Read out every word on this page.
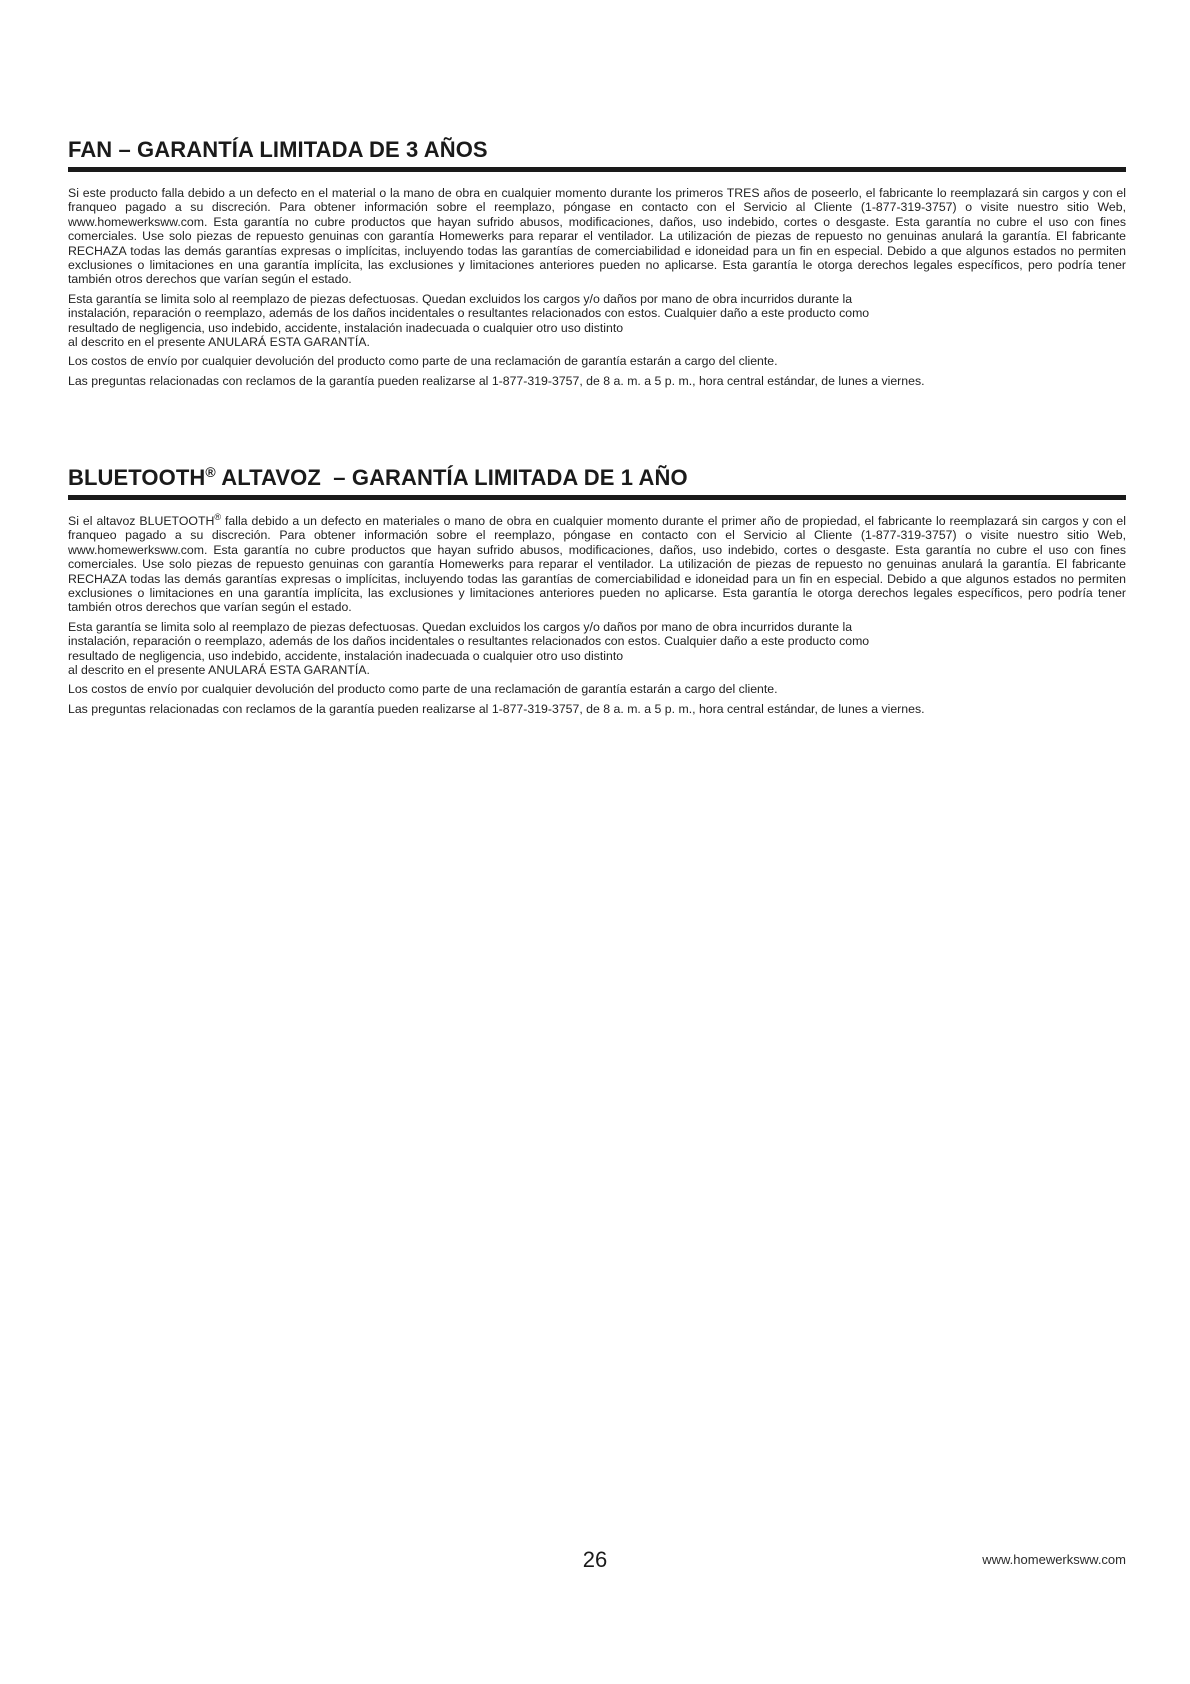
FAN – GARANTÍA LIMITADA DE 3 AÑOS

Si este producto falla debido a un defecto en el material o la mano de obra en cualquier momento durante los primeros TRES años de poseerlo, el fabricante lo reemplazará sin cargos y con el franqueo pagado a su discreción. Para obtener información sobre el reemplazo, póngase en contacto con el Servicio al Cliente (1-877-319-3757) o visite nuestro sitio Web, www.homewerksww.com. Esta garantía no cubre productos que hayan sufrido abusos, modificaciones, daños, uso indebido, cortes o desgaste. Esta garantía no cubre el uso con fines comerciales. Use solo piezas de repuesto genuinas con garantía Homewerks para reparar el ventilador. La utilización de piezas de repuesto no genuinas anulará la garantía. El fabricante RECHAZA todas las demás garantías expresas o implícitas, incluyendo todas las garantías de comerciabilidad e idoneidad para un fin en especial. Debido a que algunos estados no permiten exclusiones o limitaciones en una garantía implícita, las exclusiones y limitaciones anteriores pueden no aplicarse. Esta garantía le otorga derechos legales específicos, pero podría tener también otros derechos que varían según el estado.

Esta garantía se limita solo al reemplazo de piezas defectuosas. Quedan excluidos los cargos y/o daños por mano de obra incurridos durante la
instalación, reparación o reemplazo, además de los daños incidentales o resultantes relacionados con estos. Cualquier daño a este producto como
resultado de negligencia, uso indebido, accidente, instalación inadecuada o cualquier otro uso distinto
al descrito en el presente ANULARÁ ESTA GARANTÍA.

Los costos de envío por cualquier devolución del producto como parte de una reclamación de garantía estarán a cargo del cliente.

Las preguntas relacionadas con reclamos de la garantía pueden realizarse al 1-877-319-3757, de 8 a. m. a 5 p. m., hora central estándar, de lunes a viernes.

BLUETOOTH® ALTAVOZ  – GARANTÍA LIMITADA DE 1 AÑO

Si el altavoz BLUETOOTH® falla debido a un defecto en materiales o mano de obra en cualquier momento durante el primer año de propiedad, el fabricante lo reemplazará sin cargos y con el franqueo pagado a su discreción. Para obtener información sobre el reemplazo, póngase en contacto con el Servicio al Cliente (1-877-319-3757) o visite nuestro sitio Web, www.homewerksww.com. Esta garantía no cubre productos que hayan sufrido abusos, modificaciones, daños, uso indebido, cortes o desgaste. Esta garantía no cubre el uso con fines comerciales. Use solo piezas de repuesto genuinas con garantía Homewerks para reparar el ventilador. La utilización de piezas de repuesto no genuinas anulará la garantía. El fabricante RECHAZA todas las demás garantías expresas o implícitas, incluyendo todas las garantías de comerciabilidad e idoneidad para un fin en especial. Debido a que algunos estados no permiten exclusiones o limitaciones en una garantía implícita, las exclusiones y limitaciones anteriores pueden no aplicarse. Esta garantía le otorga derechos legales específicos, pero podría tener también otros derechos que varían según el estado.

Esta garantía se limita solo al reemplazo de piezas defectuosas. Quedan excluidos los cargos y/o daños por mano de obra incurridos durante la
instalación, reparación o reemplazo, además de los daños incidentales o resultantes relacionados con estos. Cualquier daño a este producto como
resultado de negligencia, uso indebido, accidente, instalación inadecuada o cualquier otro uso distinto
al descrito en el presente ANULARÁ ESTA GARANTÍA.

Los costos de envío por cualquier devolución del producto como parte de una reclamación de garantía estarán a cargo del cliente.

Las preguntas relacionadas con reclamos de la garantía pueden realizarse al 1-877-319-3757, de 8 a. m. a 5 p. m., hora central estándar, de lunes a viernes.

26	www.homewerksww.com
